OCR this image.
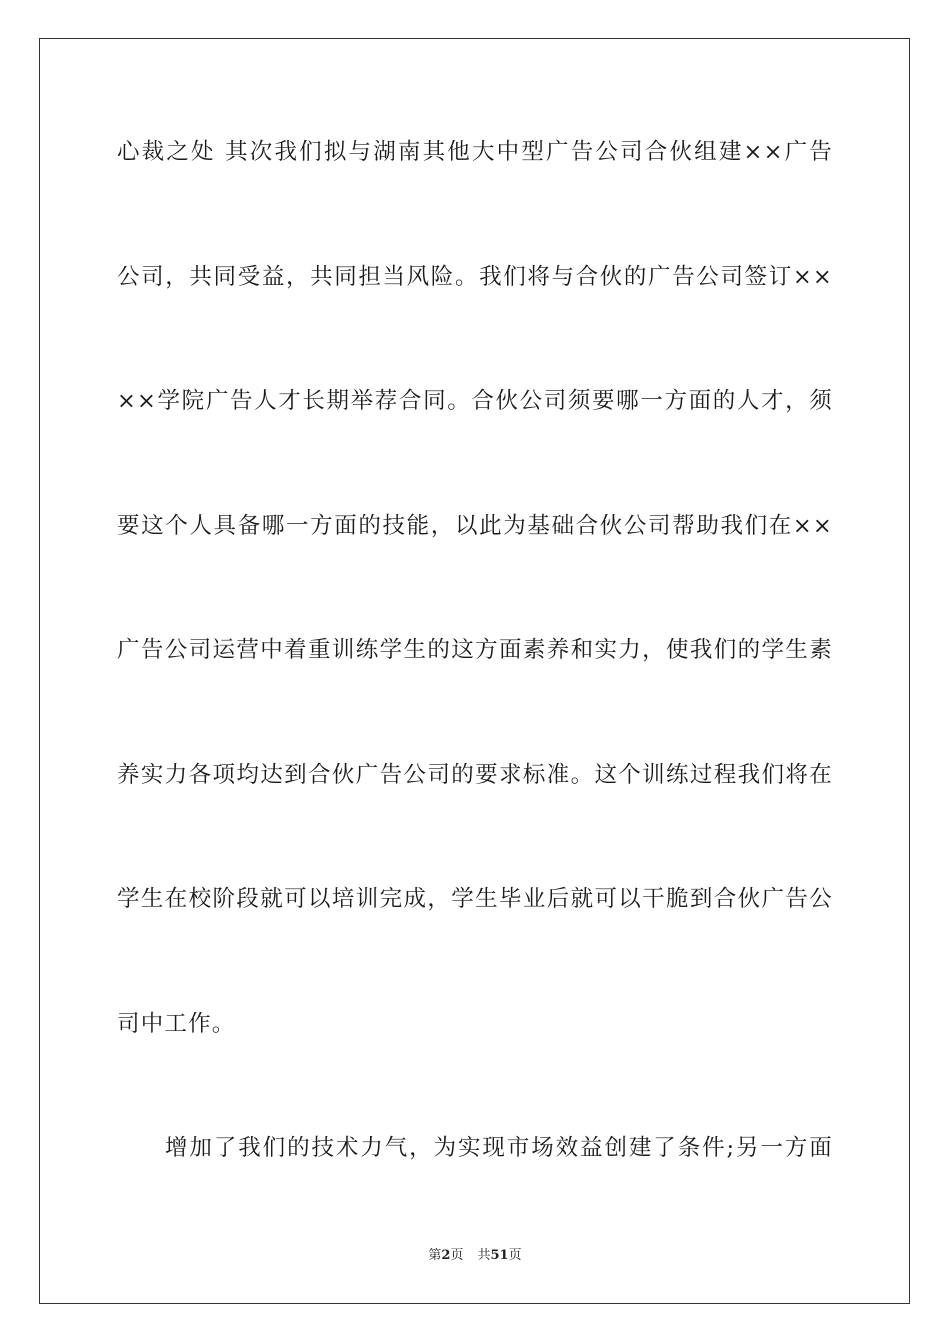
心裁之处 其次我们拟与湖南其他大中型广告公司合伙组建××广告
公司，共同受益，共同担当风险。我们将与合伙的广告公司签订××
××学院广告人才长期举荐合同。合伙公司须要哪一方面的人才，须
要这个人具备哪一方面的技能，以此为基础合伙公司帮助我们在××
广告公司运营中着重训练学生的这方面素养和实力，使我们的学生素
养实力各项均达到合伙广告公司的要求标准。这个训练过程我们将在
学生在校阶段就可以培训完成，学生毕业后就可以干脆到合伙广告公
司中工作。
增加了我们的技术力气，为实现市场效益创建了条件;另一方面
第2页 共51页
